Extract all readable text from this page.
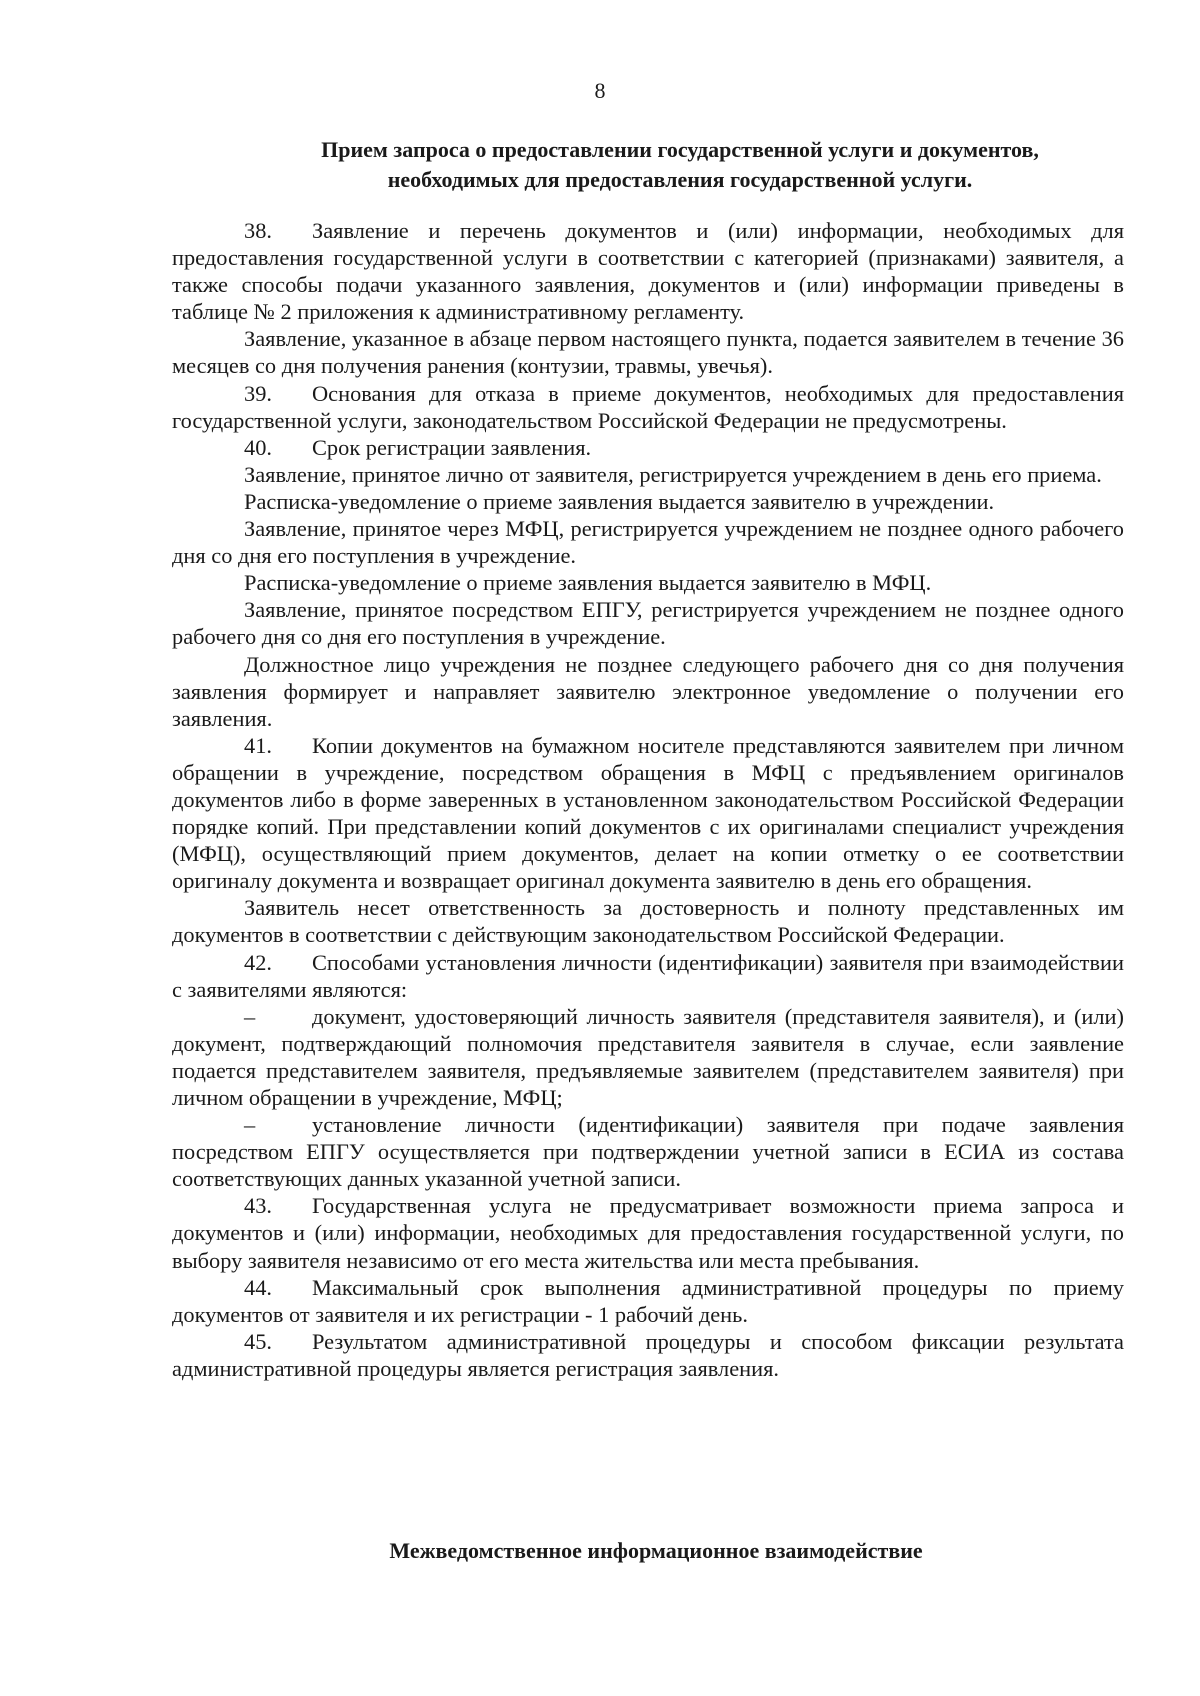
8
Прием запроса о предоставлении государственной услуги и документов,
необходимых для предоставления государственной услуги.

38. Заявление и перечень документов и (или) информации, необходимых для предоставления государственной услуги в соответствии с категорией (признаками) заявителя, а также способы подачи указанного заявления, документов и (или) информации приведены в таблице № 2 приложения к административному регламенту.

Заявление, указанное в абзаце первом настоящего пункта, подается заявителем в течение 36 месяцев со дня получения ранения (контузии, травмы, увечья).

39. Основания для отказа в приеме документов, необходимых для предоставления государственной услуги, законодательством Российской Федерации не предусмотрены.

40. Срок регистрации заявления.

Заявление, принятое лично от заявителя, регистрируется учреждением в день его приема.

Расписка-уведомление о приеме заявления выдается заявителю в учреждении.

Заявление, принятое через МФЦ, регистрируется учреждением не позднее одного рабочего дня со дня его поступления в учреждение.

Расписка-уведомление о приеме заявления выдается заявителю в МФЦ.

Заявление, принятое посредством ЕПГУ, регистрируется учреждением не позднее одного рабочего дня со дня его поступления в учреждение.

Должностное лицо учреждения не позднее следующего рабочего дня со дня получения заявления формирует и направляет заявителю электронное уведомление о получении его заявления.

41. Копии документов на бумажном носителе представляются заявителем при личном обращении в учреждение, посредством обращения в МФЦ с предъявлением оригиналов документов либо в форме заверенных в установленном законодательством Российской Федерации порядке копий. При представлении копий документов с их оригиналами специалист учреждения (МФЦ), осуществляющий прием документов, делает на копии отметку о ее соответствии оригиналу документа и возвращает оригинал документа заявителю в день его обращения.

Заявитель несет ответственность за достоверность и полноту представленных им документов в соответствии с действующим законодательством Российской Федерации.

42. Способами установления личности (идентификации) заявителя при взаимодействии с заявителями являются:

–	документ, удостоверяющий личность заявителя (представителя заявителя), и (или) документ, подтверждающий полномочия представителя заявителя в случае, если заявление подается представителем заявителя, предъявляемые заявителем (представителем заявителя) при личном обращении в учреждение, МФЦ;

–	установление личности (идентификации) заявителя при подаче заявления посредством ЕПГУ осуществляется при подтверждении учетной записи в ЕСИА из состава соответствующих данных указанной учетной записи.

43. Государственная услуга не предусматривает возможности приема запроса и документов и (или) информации, необходимых для предоставления государственной услуги, по выбору заявителя независимо от его места жительства или места пребывания.

44. Максимальный срок выполнения административной процедуры по приему документов от заявителя и их регистрации - 1 рабочий день.

45. Результатом административной процедуры и способом фиксации результата административной процедуры является регистрация заявления.

Межведомственное информационное взаимодействие
